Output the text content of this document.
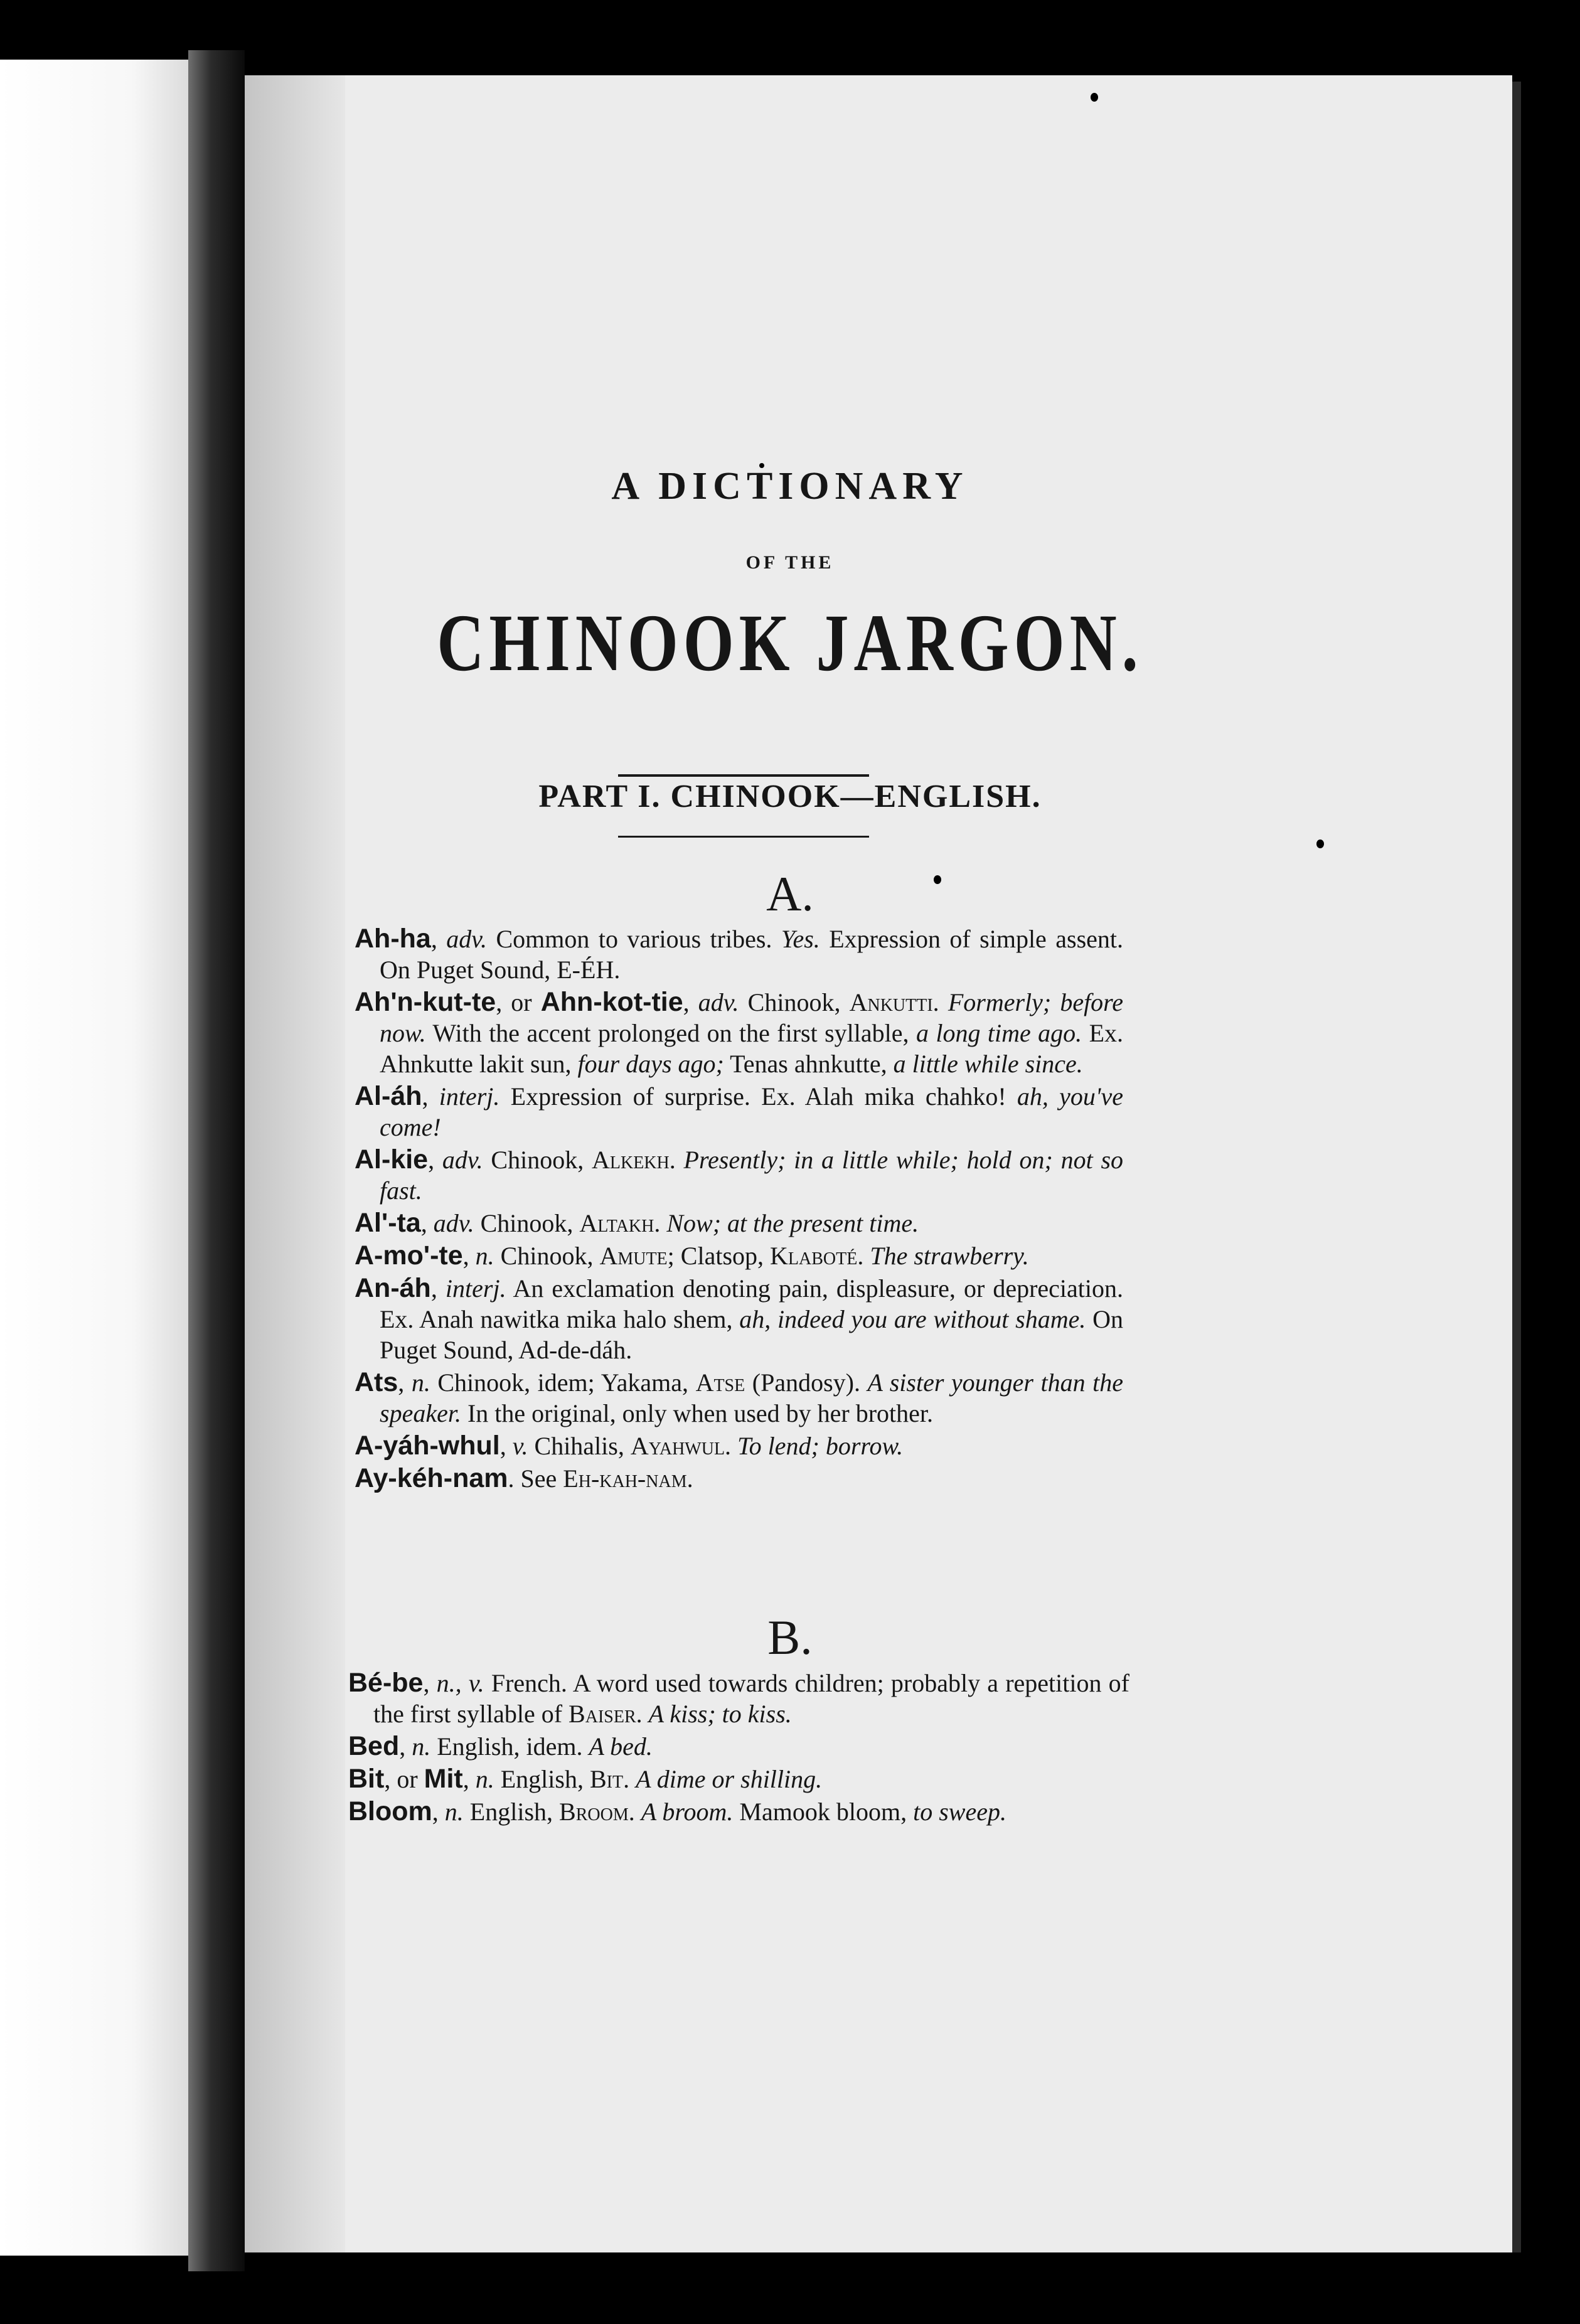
A DICTIONARY
OF THE
CHINOOK JARGON.
PART I. CHINOOK—ENGLISH.
A.

Ah-ha, adv. Common to various tribes. Yes. Expression of simple assent. On Puget Sound, E-ÉH.

Ah'n-kut-te, or Ahn-kot-tie, adv. Chinook, Ankutti. Formerly; before now. With the accent prolonged on the first syllable, a long time ago. Ex. Ahnkutte lakit sun, four days ago; Tenas ahnkutte, a little while since.

Al-áh, interj. Expression of surprise. Ex. Alah mika chahko! ah, you've come!

Al-kie, adv. Chinook, Alkekh. Presently; in a little while; hold on; not so fast.

Al'-ta, adv. Chinook, Altakh. Now; at the present time.

A-mo'-te, n. Chinook, Amute; Clatsop, Klaboté. The strawberry.

An-áh, interj. An exclamation denoting pain, displeasure, or depreciation. Ex. Anah nawitka mika halo shem, ah, indeed you are without shame. On Puget Sound, Ad-de-dáh.

Ats, n. Chinook, idem; Yakama, Atse (Pandosy). A sister younger than the speaker. In the original, only when used by her brother.

A-yáh-whul, v. Chihalis, Ayahwul. To lend; borrow.

Ay-kéh-nam. See Eh-kah-nam.

B.

Bé-be, n., v. French. A word used towards children; probably a repetition of the first syllable of Baiser. A kiss; to kiss.

Bed, n. English, idem. A bed.

Bit, or Mit, n. English, Bit. A dime or shilling.

Bloom, n. English, Broom. A broom. Mamook bloom, to sweep.
